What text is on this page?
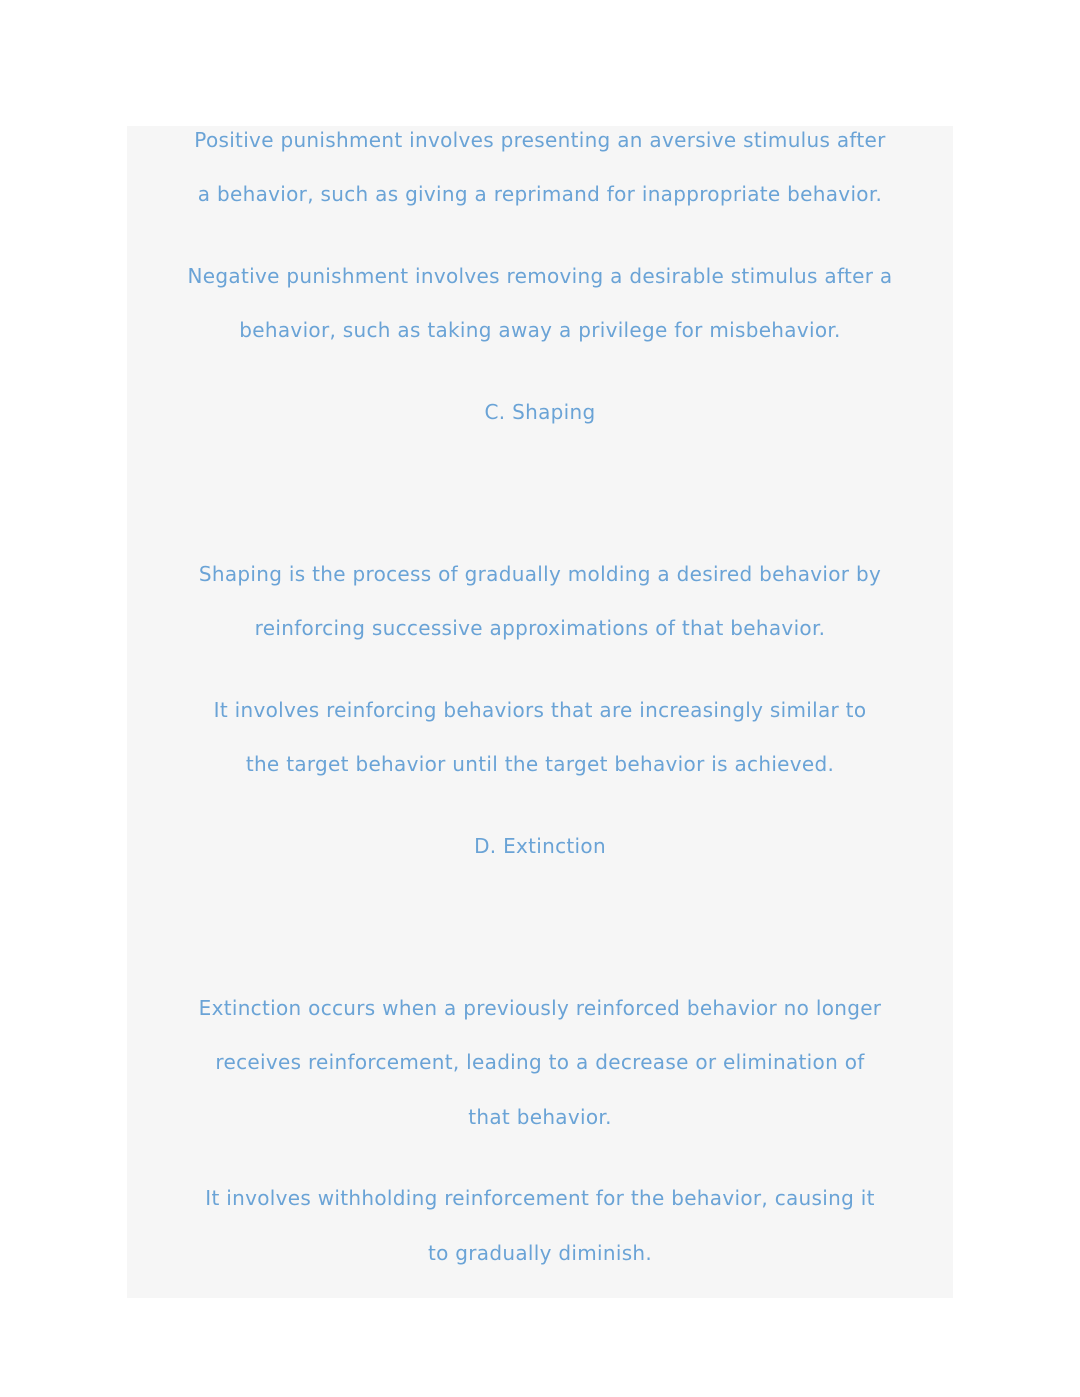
Positive punishment involves presenting an aversive stimulus after
a behavior, such as giving a reprimand for inappropriate behavior.
Negative punishment involves removing a desirable stimulus after a
behavior, such as taking away a privilege for misbehavior.
C. Shaping
Shaping is the process of gradually molding a desired behavior by
reinforcing successive approximations of that behavior.
It involves reinforcing behaviors that are increasingly similar to
the target behavior until the target behavior is achieved.
D. Extinction
Extinction occurs when a previously reinforced behavior no longer
receives reinforcement, leading to a decrease or elimination of
that behavior.
It involves withholding reinforcement for the behavior, causing it
to gradually diminish.
